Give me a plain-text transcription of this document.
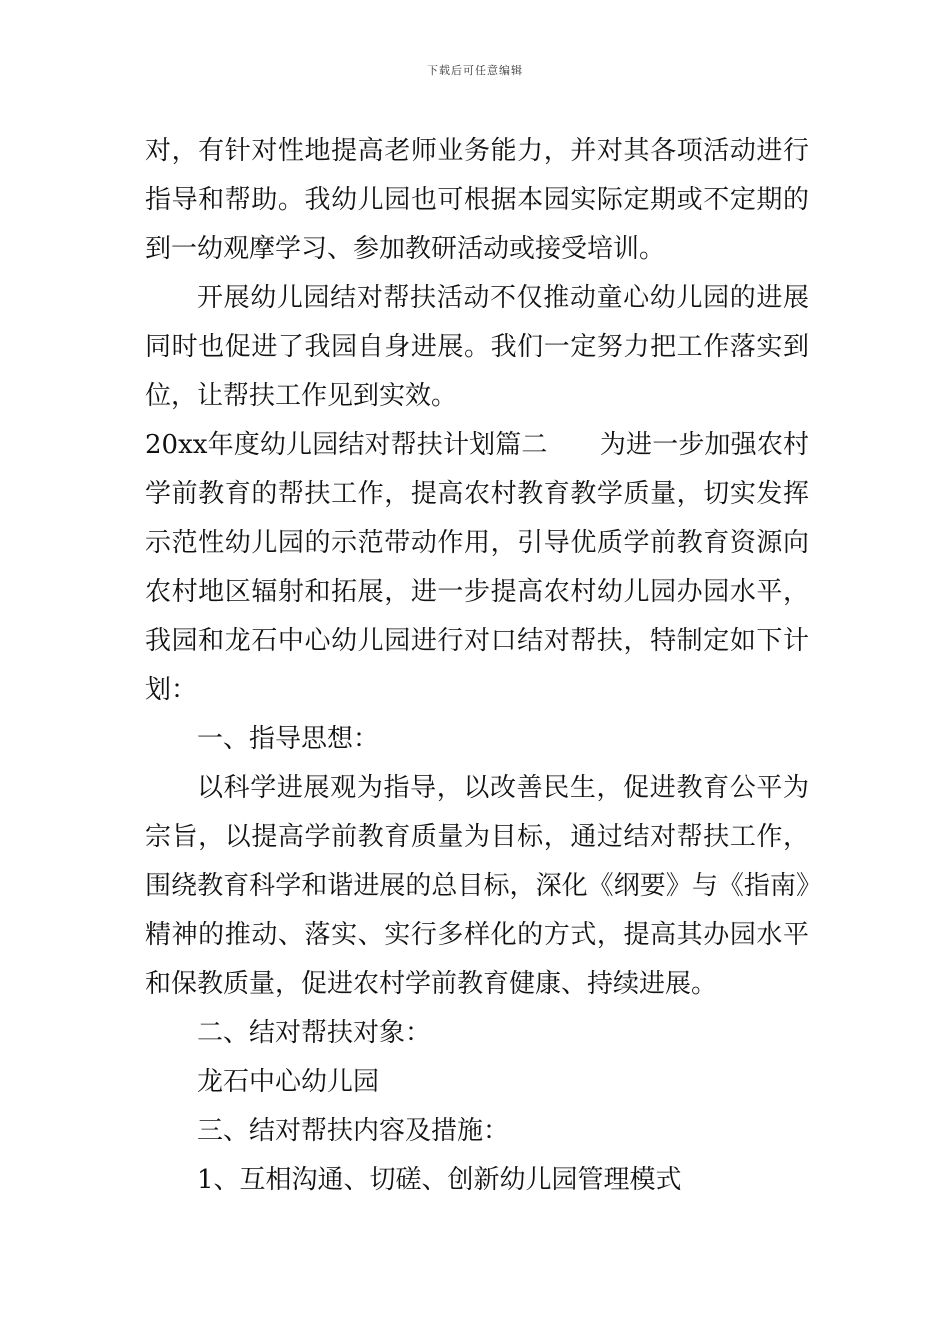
下载后可任意编辑

对，有针对性地提高老师业务能力，并对其各项活动进行指导和帮助。我幼儿园也可根据本园实际定期或不定期的到一幼观摩学习、参加教研活动或接受培训。

开展幼儿园结对帮扶活动不仅推动童心幼儿园的进展同时也促进了我园自身进展。我们一定努力把工作落实到位，让帮扶工作见到实效。

20xx年度幼儿园结对帮扶计划篇二　　为进一步加强农村学前教育的帮扶工作，提高农村教育教学质量，切实发挥示范性幼儿园的示范带动作用，引导优质学前教育资源向农村地区辐射和拓展，进一步提高农村幼儿园办园水平，我园和龙石中心幼儿园进行对口结对帮扶，特制定如下计划：

一、指导思想：

以科学进展观为指导，以改善民生，促进教育公平为宗旨，以提高学前教育质量为目标，通过结对帮扶工作，围绕教育科学和谐进展的总目标，深化《纲要》与《指南》精神的推动、落实、实行多样化的方式，提高其办园水平和保教质量，促进农村学前教育健康、持续进展。

二、结对帮扶对象：

龙石中心幼儿园

三、结对帮扶内容及措施：

1、互相沟通、切磋、创新幼儿园管理模式
